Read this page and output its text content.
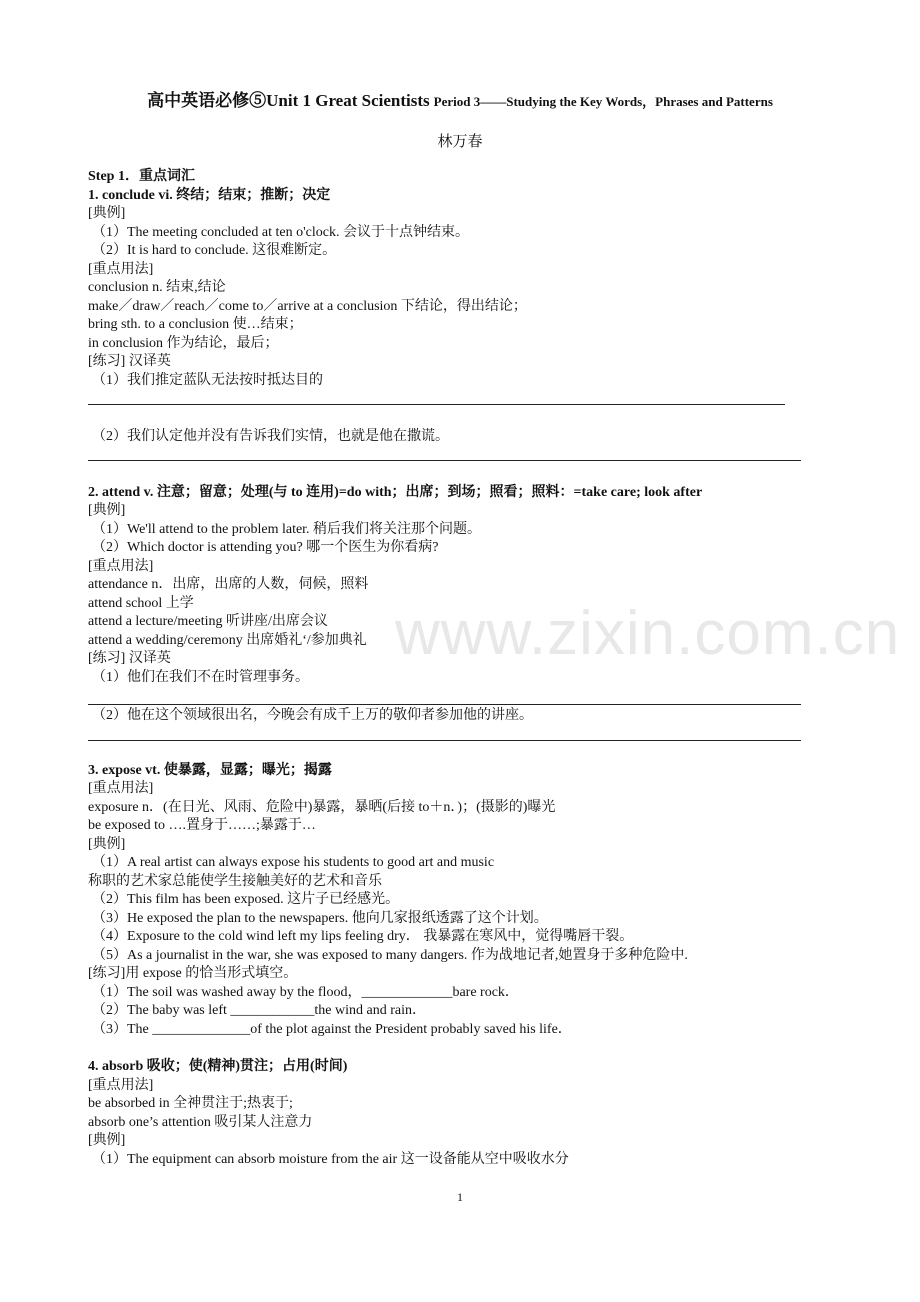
高中英语必修⑤Unit 1 Great Scientists Period 3——Studying the Key Words，Phrases and Patterns
林万春
www.zixin.com.cn
Step 1．重点词汇
1. conclude vi. 终结；结束；推断；决定
[典例]
（1）The meeting concluded at ten o'clock. 会议于十点钟结束。
（2）It is hard to conclude. 这很难断定。
[重点用法]
conclusion n. 结束,结论
make／draw／reach／come to／arrive at a conclusion 下结论，得出结论；
bring sth. to a conclusion 使…结束；
in conclusion 作为结论，最后；
[练习] 汉译英
（1）我们推定蓝队无法按时抵达目的
（2）我们认定他并没有告诉我们实情，也就是他在撒谎。
2. attend v. 注意；留意；处理(与 to 连用)=do with；出席；到场；照看；照料：=take care; look after
[典例]
（1）We'll attend to the problem later. 稍后我们将关注那个问题。
（2）Which doctor is attending you? 哪一个医生为你看病?
[重点用法]
attendance n．出席，出席的人数，伺候，照料
attend school 上学
attend a lecture/meeting 听讲座/出席会议
attend a wedding/ceremony 出席婚礼‘/参加典礼
[练习] 汉译英
（1）他们在我们不在时管理事务。
（2）他在这个领域很出名，今晚会有成千上万的敬仰者参加他的讲座。
3. expose vt. 使暴露，显露；曝光；揭露
[重点用法]
exposure n．(在日光、风雨、危险中)暴露，暴晒(后接 to＋n．)；(摄影的)曝光
be exposed to ….置身于……;暴露于…
[典例]
（1）A real artist can always expose his students to good art and music
称职的艺术家总能使学生接触美好的艺术和音乐
（2）This film has been exposed. 这片子已经感光。
（3）He exposed the plan to the newspapers. 他向几家报纸透露了这个计划。
（4）Exposure to the cold wind left my lips feeling dry． 我暴露在寒风中，觉得嘴唇干裂。
（5）As a journalist in the war, she was exposed to many dangers. 作为战地记者,她置身于多种危险中.
[练习]用 expose 的恰当形式填空。
（1）The soil was washed away by the flood，_____________bare rock．
（2）The baby was left ____________the wind and rain．
（3）The ______________of the plot against the President probably saved his life．
4. absorb 吸收；使(精神)贯注；占用(时间)
[重点用法]
be absorbed in 全神贯注于;热衷于;
absorb one’s attention 吸引某人注意力
[典例]
（1）The equipment can absorb moisture from the air 这一设备能从空中吸收水分
1
